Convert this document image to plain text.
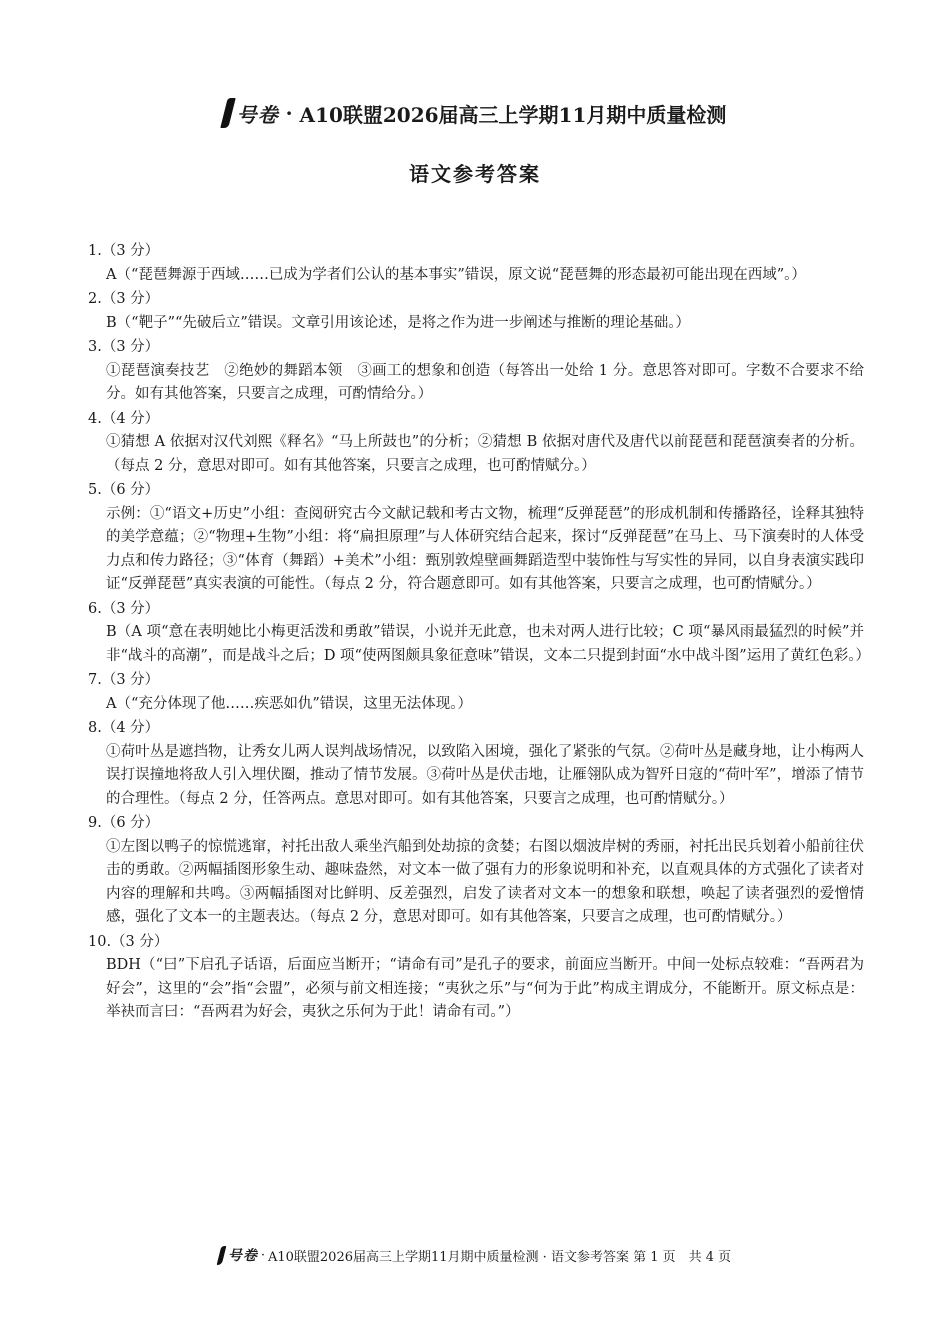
号卷 · A10联盟2026届高三上学期11月期中质量检测
语文参考答案
1.（3 分）
A（“琵琶舞源于西域……已成为学者们公认的基本事实”错误，原文说“琵琶舞的形态最初可能出现在西域”。）
2.（3 分）
B（“靶子”“先破后立”错误。文章引用该论述，是将之作为进一步阐述与推断的理论基础。）
3.（3 分）
①琵琶演奏技艺　②绝妙的舞蹈本领　③画工的想象和创造（每答出一处给 1 分。意思答对即可。字数不合要求不给分。如有其他答案，只要言之成理，可酌情给分。）
4.（4 分）
①猜想 A 依据对汉代刘熙《释名》“马上所鼓也”的分析；②猜想 B 依据对唐代及唐代以前琵琶和琵琶演奏者的分析。（每点 2 分，意思对即可。如有其他答案，只要言之成理，也可酌情赋分。）
5.（6 分）
示例：①“语文+历史”小组：查阅研究古今文献记载和考古文物，梳理“反弹琵琶”的形成机制和传播路径，诠释其独特的美学意蕴；②“物理+生物”小组：将“扁担原理”与人体研究结合起来，探讨“反弹琵琶”在马上、马下演奏时的人体受力点和传力路径；③“体育（舞蹈）+美术”小组：甄别敦煌壁画舞蹈造型中装饰性与写实性的异同，以自身表演实践印证“反弹琵琶”真实表演的可能性。（每点 2 分，符合题意即可。如有其他答案，只要言之成理，也可酌情赋分。）
6.（3 分）
B（A 项“意在表明她比小梅更活泼和勇敢”错误，小说并无此意，也未对两人进行比较；C 项“暴风雨最猛烈的时候”并非“战斗的高潮”，而是战斗之后；D 项“使两图颇具象征意味”错误，文本二只提到封面“水中战斗图”运用了黄红色彩。）
7.（3 分）
A（“充分体现了他……疾恶如仇”错误，这里无法体现。）
8.（4 分）
①荷叶丛是遮挡物，让秀女儿两人误判战场情况，以致陷入困境，强化了紧张的气氛。②荷叶丛是藏身地，让小梅两人误打误撞地将敌人引入埋伏圈，推动了情节发展。③荷叶丛是伏击地，让雁翎队成为智歼日寇的“荷叶军”，增添了情节的合理性。（每点 2 分，任答两点。意思对即可。如有其他答案，只要言之成理，也可酌情赋分。）
9.（6 分）
①左图以鸭子的惊慌逃窜，衬托出敌人乘坐汽船到处劫掠的贪婪；右图以烟波岸树的秀丽，衬托出民兵划着小船前往伏击的勇敢。②两幅插图形象生动、趣味盎然，对文本一做了强有力的形象说明和补充，以直观具体的方式强化了读者对内容的理解和共鸣。③两幅插图对比鲜明、反差强烈，启发了读者对文本一的想象和联想，唤起了读者强烈的爱憎情感，强化了文本一的主题表达。（每点 2 分，意思对即可。如有其他答案，只要言之成理，也可酌情赋分。）
10.（3 分）
BDH（“曰”下启孔子话语，后面应当断开；“请命有司”是孔子的要求，前面应当断开。中间一处标点较难：“吾两君为好会”，这里的“会”指“会盟”，必须与前文相连接；“夷狄之乐”与“何为于此”构成主谓成分，不能断开。原文标点是：举袂而言曰：“吾两君为好会，夷狄之乐何为于此！请命有司。”）
号卷 · A10联盟2026届高三上学期11月期中质量检测 · 语文参考答案 第 1 页　共 4 页
